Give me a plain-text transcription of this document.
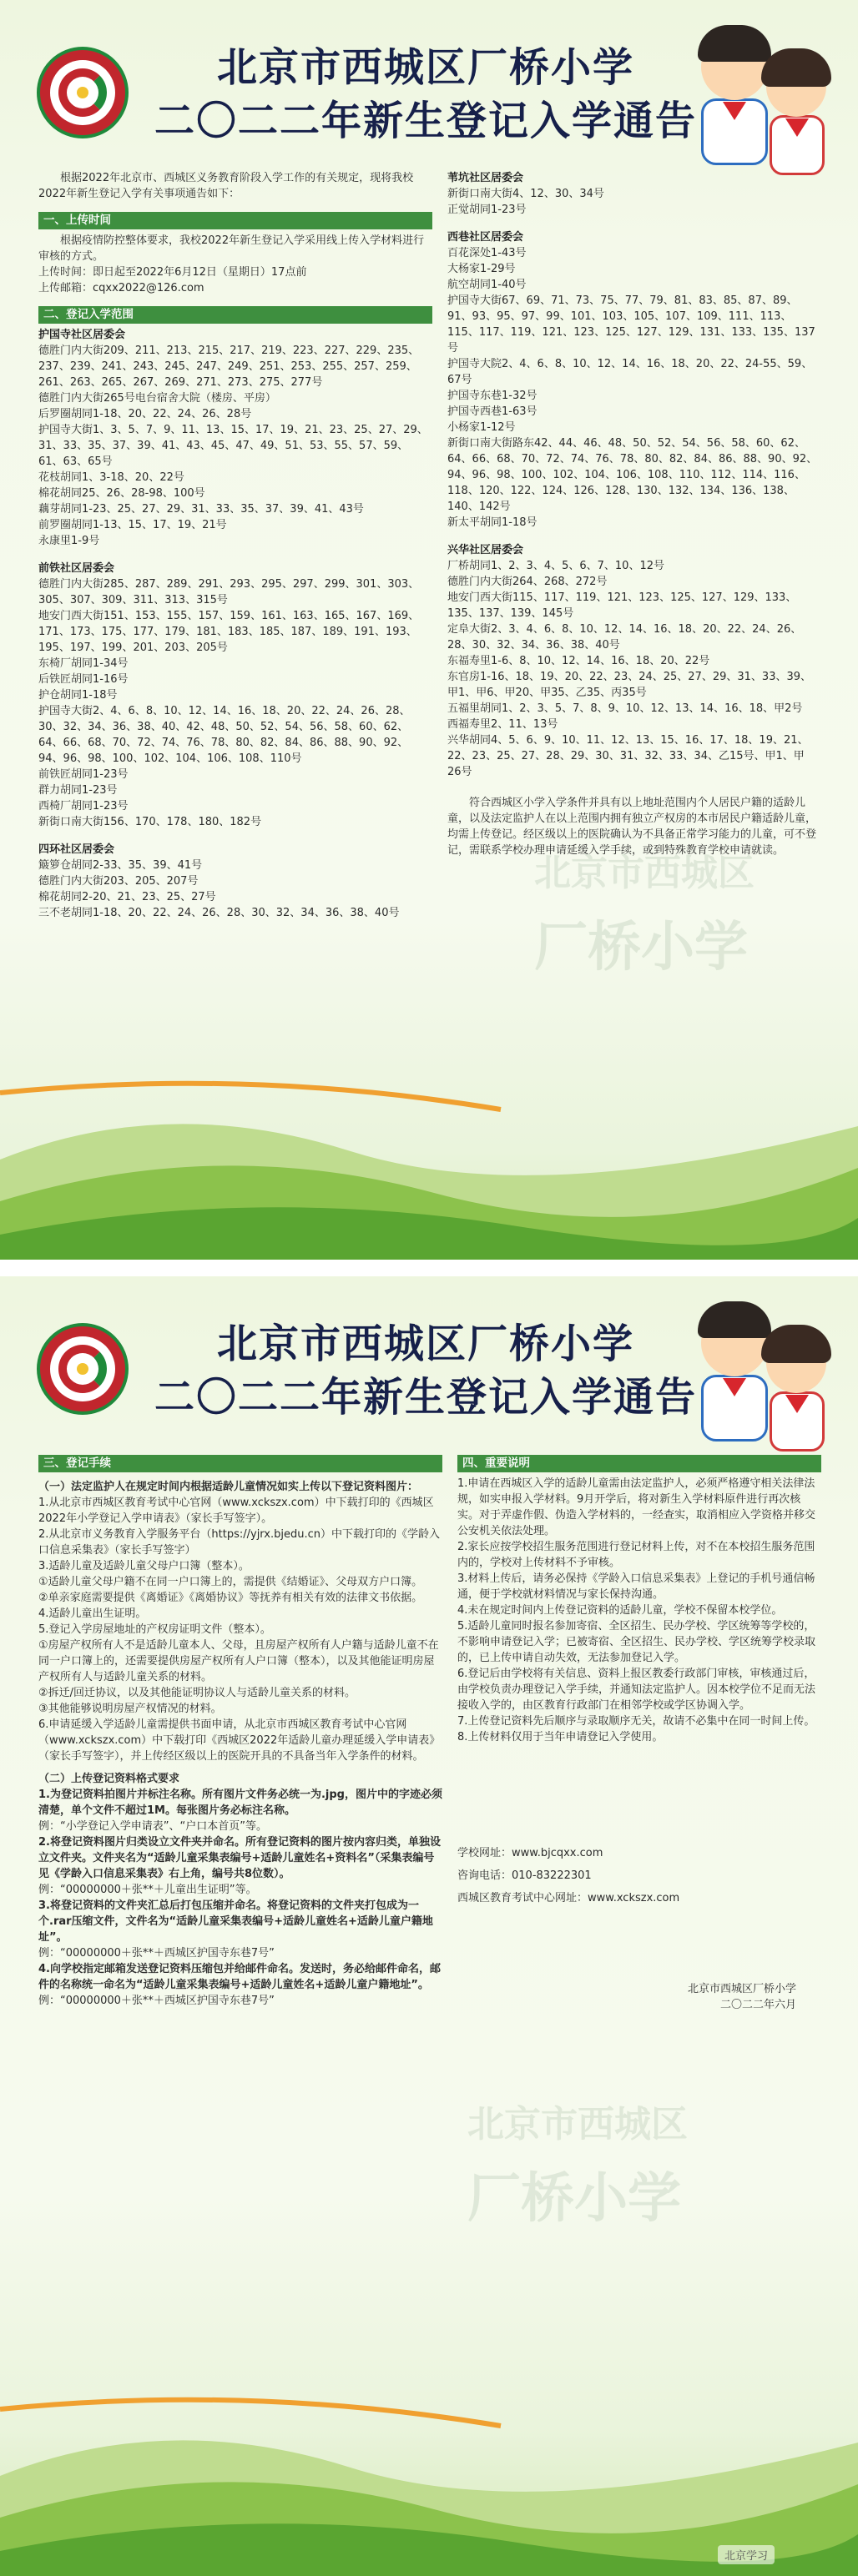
北京市西城区厂桥小学
二〇二二年新生登记入学通告
北京市西城区
厂桥小学

根据2022年北京市、西城区义务教育阶段入学工作的有关规定，现将我校2022年新生登记入学有关事项通告如下：

一、上传时间

根据疫情防控整体要求，我校2022年新生登记入学采用线上传入学材料进行审核的方式。

上传时间：即日起至2022年6月12日（星期日）17点前

上传邮箱：cqxx2022@126.com

二、登记入学范围

护国寺社区居委会

德胜门内大街209、211、213、215、217、219、223、227、229、235、237、239、241、243、245、247、249、251、253、255、257、259、261、263、265、267、269、271、273、275、277号

德胜门内大街265号电台宿舍大院（楼房、平房）

后罗圈胡同1-18、20、22、24、26、28号

护国寺大街1、3、5、7、9、11、13、15、17、19、21、23、25、27、29、31、33、35、37、39、41、43、45、47、49、51、53、55、57、59、61、63、65号

花枝胡同1、3-18、20、22号

棉花胡同25、26、28-98、100号

藕芽胡同1-23、25、27、29、31、33、35、37、39、41、43号

前罗圈胡同1-13、15、17、19、21号

永康里1-9号

前铁社区居委会

德胜门内大街285、287、289、291、293、295、297、299、301、303、305、307、309、311、313、315号

地安门西大街151、153、155、157、159、161、163、165、167、169、171、173、175、177、179、181、183、185、187、189、191、193、195、197、199、201、203、205号

东椅厂胡同1-34号

后铁匠胡同1-16号

护仓胡同1-18号

护国寺大街2、4、6、8、10、12、14、16、18、20、22、24、26、28、30、32、34、36、38、40、42、48、50、52、54、56、58、60、62、64、66、68、70、72、74、76、78、80、82、84、86、88、90、92、94、96、98、100、102、104、106、108、110号

前铁匠胡同1-23号

群力胡同1-23号

西椅厂胡同1-23号

新街口南大街156、170、178、180、182号

四环社区居委会

簸箩仓胡同2-33、35、39、41号

德胜门内大街203、205、207号

棉花胡同2-20、21、23、25、27号

三不老胡同1-18、20、22、24、26、28、30、32、34、36、38、40号

苇坑社区居委会

新街口南大街4、12、30、34号

正觉胡同1-23号

西巷社区居委会

百花深处1-43号

大杨家1-29号

航空胡同1-40号

护国寺大街67、69、71、73、75、77、79、81、83、85、87、89、91、93、95、97、99、101、103、105、107、109、111、113、115、117、119、121、123、125、127、129、131、133、135、137号

护国寺大院2、4、6、8、10、12、14、16、18、20、22、24-55、59、67号

护国寺东巷1-32号

护国寺西巷1-63号

小杨家1-12号

新街口南大街路东42、44、46、48、50、52、54、56、58、60、62、64、66、68、70、72、74、76、78、80、82、84、86、88、90、92、94、96、98、100、102、104、106、108、110、112、114、116、118、120、122、124、126、128、130、132、134、136、138、140、142号

新太平胡同1-18号

兴华社区居委会

厂桥胡同1、2、3、4、5、6、7、10、12号

德胜门内大街264、268、272号

地安门西大街115、117、119、121、123、125、127、129、133、135、137、139、145号

定阜大街2、3、4、6、8、10、12、14、16、18、20、22、24、26、28、30、32、34、36、38、40号

东福寿里1-6、8、10、12、14、16、18、20、22号

东官房1-16、18、19、20、22、23、24、25、27、29、31、33、39、甲1、甲6、甲20、甲35、乙35、丙35号

五福里胡同1、2、3、5、7、8、9、10、12、13、14、16、18、甲2号

西福寿里2、11、13号

兴华胡同4、5、6、9、10、11、12、13、15、16、17、18、19、21、22、23、25、27、28、29、30、31、32、33、34、乙15号、甲1、甲26号

符合西城区小学入学条件并具有以上地址范围内个人居民户籍的适龄儿童，以及法定监护人在以上范围内拥有独立产权房的本市居民户籍适龄儿童，均需上传登记。经区级以上的医院确认为不具备正常学习能力的儿童，可不登记，需联系学校办理申请延缓入学手续，或到特殊教育学校申请就读。

北京市西城区厂桥小学
二〇二二年新生登记入学通告
北京市西城区
厂桥小学
三、登记手续

（一）法定监护人在规定时间内根据适龄儿童情况如实上传以下登记资料图片：

1.从北京市西城区教育考试中心官网（www.xckszx.com）中下载打印的《西城区2022年小学登记入学申请表》（家长手写签字）。

2.从北京市义务教育入学服务平台（https://yjrx.bjedu.cn）中下载打印的《学龄入口信息采集表》（家长手写签字）

3.适龄儿童及适龄儿童父母户口簿（整本）。

①适龄儿童父母户籍不在同一户口簿上的，需提供《结婚证》、父母双方户口簿。

②单亲家庭需要提供《离婚证》《离婚协议》等抚养有相关有效的法律文书依据。

4.适龄儿童出生证明。

5.登记入学房屋地址的产权房证明文件（整本）。

①房屋产权所有人不是适龄儿童本人、父母，且房屋产权所有人户籍与适龄儿童不在同一户口簿上的，还需要提供房屋产权所有人户口簿（整本），以及其他能证明房屋产权所有人与适龄儿童关系的材料。

②拆迁/回迁协议，以及其他能证明协议人与适龄儿童关系的材料。

③其他能够说明房屋产权情况的材料。

6.申请延缓入学适龄儿童需提供书面申请，从北京市西城区教育考试中心官网（www.xckszx.com）中下载打印《西城区2022年适龄儿童办理延缓入学申请表》（家长手写签字），并上传经区级以上的医院开具的不具备当年入学条件的材料。

（二）上传登记资料格式要求

1.为登记资料拍图片并标注名称。所有图片文件务必统一为.jpg，图片中的字迹必须清楚，单个文件不超过1M。每张图片务必标注名称。

例：“小学登记入学申请表”、“户口本首页”等。

2.将登记资料图片归类设立文件夹并命名。所有登记资料的图片按内容归类，单独设立文件夹。文件夹名为“适龄儿童采集表编号+适龄儿童姓名+资料名”（采集表编号见《学龄入口信息采集表》右上角，编号共8位数）。

例：“00000000＋张**＋儿童出生证明”等。

3.将登记资料的文件夹汇总后打包压缩并命名。将登记资料的文件夹打包成为一个.rar压缩文件，文件名为“适龄儿童采集表编号+适龄儿童姓名+适龄儿童户籍地址”。

例：“00000000＋张**＋西城区护国寺东巷7号”

4.向学校指定邮箱发送登记资料压缩包并给邮件命名。发送时，务必给邮件命名，邮件的名称统一命名为“适龄儿童采集表编号+适龄儿童姓名+适龄儿童户籍地址”。

例：“00000000＋张**＋西城区护国寺东巷7号”

四、重要说明

1.申请在西城区入学的适龄儿童需由法定监护人，必须严格遵守相关法律法规，如实申报入学材料。9月开学后，将对新生入学材料原件进行再次核实。对于弄虚作假、伪造入学材料的，一经查实，取消相应入学资格并移交公安机关依法处理。

2.家长应按学校招生服务范围进行登记材料上传，对不在本校招生服务范围内的，学校对上传材料不予审核。

3.材料上传后，请务必保持《学龄入口信息采集表》上登记的手机号通信畅通，便于学校就材料情况与家长保持沟通。

4.未在规定时间内上传登记资料的适龄儿童，学校不保留本校学位。

5.适龄儿童同时报名参加寄宿、全区招生、民办学校、学区统筹等学校的，不影响申请登记入学；已被寄宿、全区招生、民办学校、学区统筹学校录取的，已上传申请自动失效，无法参加登记入学。

6.登记后由学校将有关信息、资料上报区教委行政部门审核，审核通过后，由学校负责办理登记入学手续，并通知法定监护人。因本校学位不足而无法接收入学的，由区教育行政部门在相邻学校或学区协调入学。

7.上传登记资料先后顺序与录取顺序无关，故请不必集中在同一时间上传。

8.上传材料仅用于当年申请登记入学使用。

学校网址：www.bjcqxx.com

咨询电话：010-83222301

西城区教育考试中心网址：www.xckszx.com

北京市西城区厂桥小学

二〇二二年六月

北京学习
